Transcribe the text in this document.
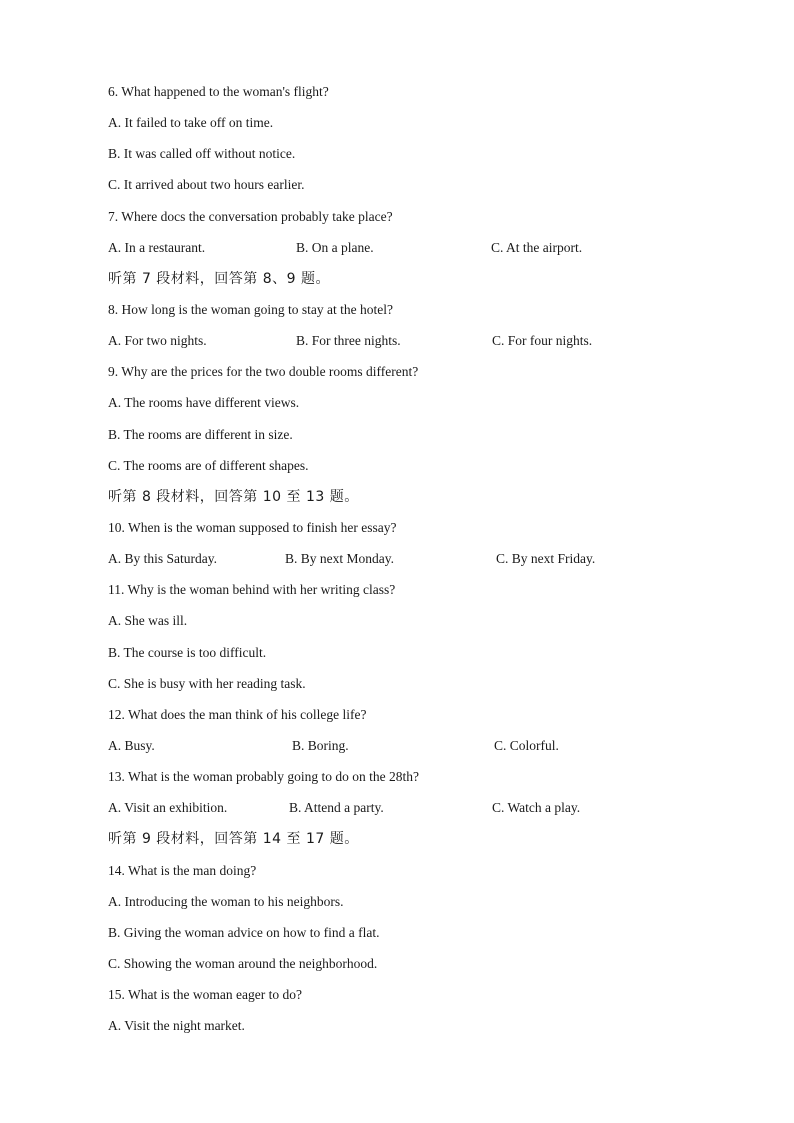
6. What happened to the woman's flight?
A. It failed to take off on time.
B. It was called off without notice.
C. It arrived about two hours earlier.
7. Where docs the conversation probably take place?
A. In a restaurant.	B. On a plane.	C. At the airport.
听第 7 段材料，回答第 8、9 题。
8. How long is the woman going to stay at the hotel?
A. For two nights.	B. For three nights.	C. For four nights.
9. Why are the prices for the two double rooms different?
A. The rooms have different views.
B. The rooms are different in size.
C. The rooms are of different shapes.
听第 8 段材料，回答第 10 至 13 题。
10. When is the woman supposed to finish her essay?
A. By this Saturday.	B. By next Monday.	C. By next Friday.
11. Why is the woman behind with her writing class?
A. She was ill.
B. The course is too difficult.
C. She is busy with her reading task.
12. What does the man think of his college life?
A. Busy.	B. Boring.	C. Colorful.
13. What is the woman probably going to do on the 28th?
A. Visit an exhibition.	B. Attend a party.	C. Watch a play.
听第 9 段材料，回答第 14 至 17 题。
14. What is the man doing?
A. Introducing the woman to his neighbors.
B. Giving the woman advice on how to find a flat.
C. Showing the woman around the neighborhood.
15. What is the woman eager to do?
A. Visit the night market.
